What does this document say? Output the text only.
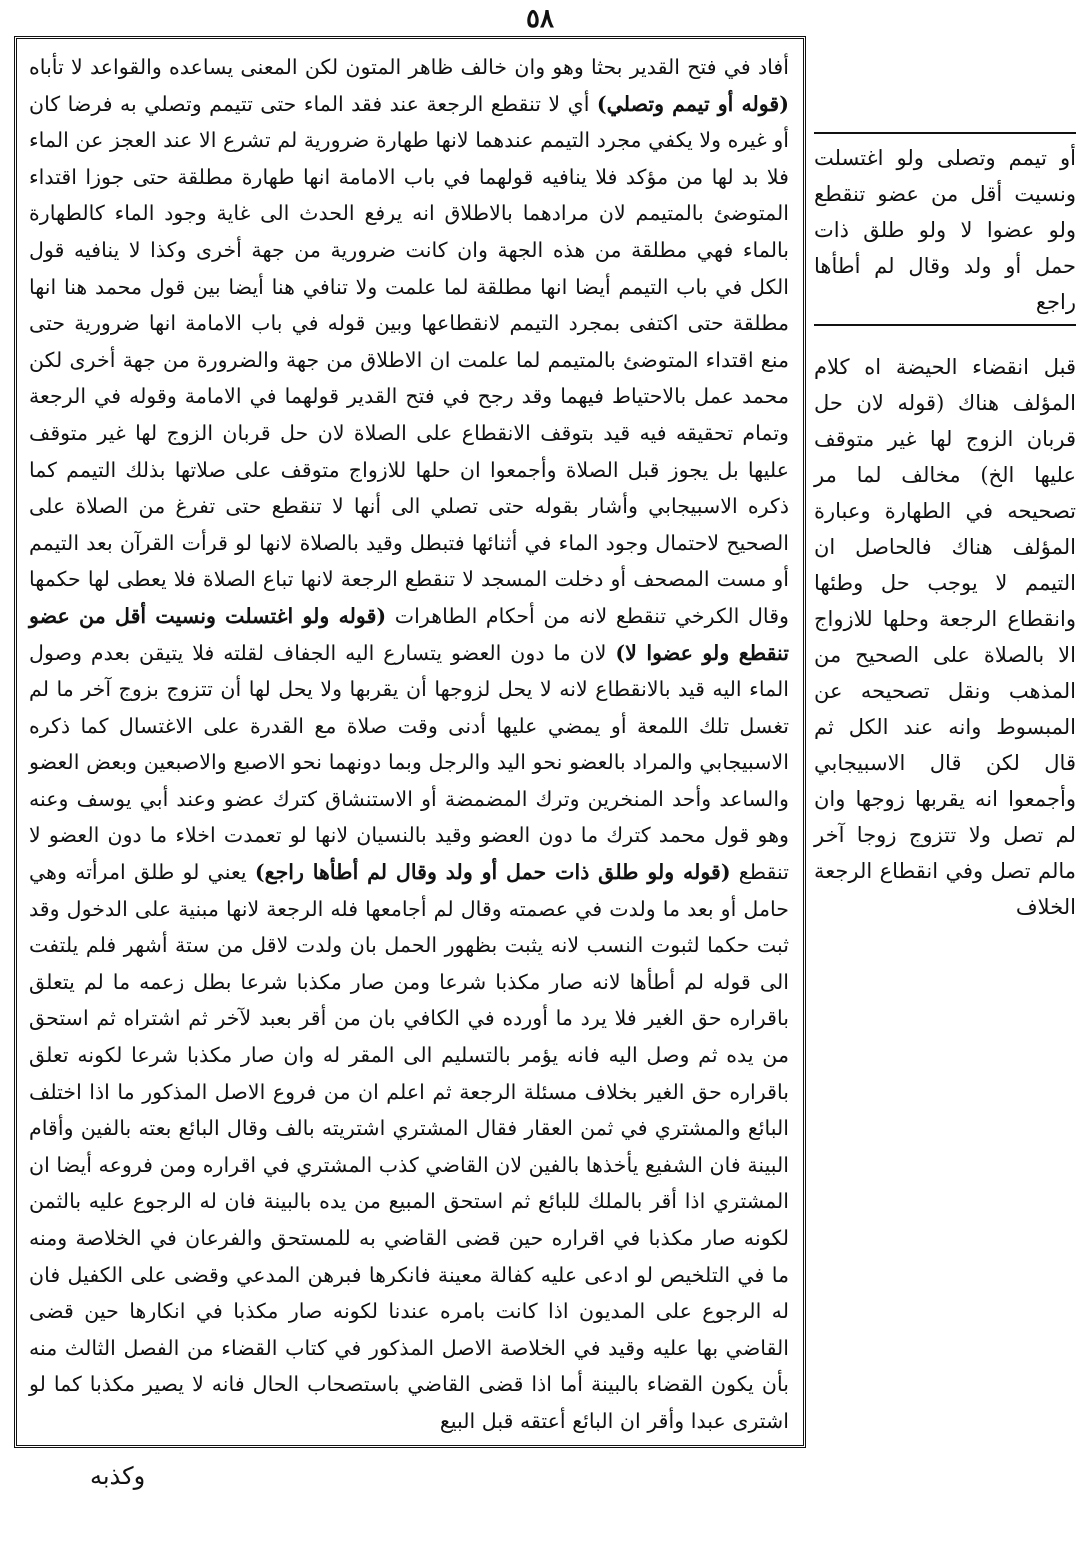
٥٨

أفاد في فتح القدير بحثا وهو وان خالف ظاهر المتون لكن المعنى يساعده والقواعد لا تأباه (قوله أو تيمم وتصلي) أي لا تنقطع الرجعة عند فقد الماء حتى تتيمم وتصلي به فرضا كان أو غيره ولا يكفي مجرد التيمم عندهما لانها طهارة ضرورية لم تشرع الا عند العجز عن الماء فلا بد لها من مؤكد فلا ينافيه قولهما في باب الامامة انها طهارة مطلقة حتى جوزا اقتداء المتوضئ بالمتيمم لان مرادهما بالاطلاق انه يرفع الحدث الى غاية وجود الماء كالطهارة بالماء فهي مطلقة من هذه الجهة وان كانت ضرورية من جهة أخرى وكذا لا ينافيه قول الكل في باب التيمم أيضا انها مطلقة لما علمت ولا تنافي هنا أيضا بين قول محمد هنا انها مطلقة حتى اكتفى بمجرد التيمم لانقطاعها وبين قوله في باب الامامة انها ضرورية حتى منع اقتداء المتوضئ بالمتيمم لما علمت ان الاطلاق من جهة والضرورة من جهة أخرى لكن محمد عمل بالاحتياط فيهما وقد رجح في فتح القدير قولهما في الامامة وقوله في الرجعة وتمام تحقيقه فيه قيد بتوقف الانقطاع على الصلاة لان حل قربان الزوج لها غير متوقف عليها بل يجوز قبل الصلاة وأجمعوا ان حلها للازواج متوقف على صلاتها بذلك التيمم كما ذكره الاسبيجابي وأشار بقوله حتى تصلي الى أنها لا تنقطع حتى تفرغ من الصلاة على الصحيح لاحتمال وجود الماء في أثنائها فتبطل وقيد بالصلاة لانها لو قرأت القرآن بعد التيمم أو مست المصحف أو دخلت المسجد لا تنقطع الرجعة لانها تباع الصلاة فلا يعطى لها حكمها وقال الكرخي تنقطع لانه من أحكام الطاهرات (قوله ولو اغتسلت ونسيت أقل من عضو تنقطع ولو عضوا لا) لان ما دون العضو يتسارع اليه الجفاف لقلته فلا يتيقن بعدم وصول الماء اليه قيد بالانقطاع لانه لا يحل لزوجها أن يقربها ولا يحل لها أن تتزوج بزوج آخر ما لم تغسل تلك اللمعة أو يمضي عليها أدنى وقت صلاة مع القدرة على الاغتسال كما ذكره الاسبيجابي والمراد بالعضو نحو اليد والرجل وبما دونهما نحو الاصبع والاصبعين وبعض العضو والساعد وأحد المنخرين وترك المضمضة أو الاستنشاق كترك عضو وعند أبي يوسف وعنه وهو قول محمد كترك ما دون العضو وقيد بالنسيان لانها لو تعمدت اخلاء ما دون العضو لا تنقطع (قوله ولو طلق ذات حمل أو ولد وقال لم أطأها راجع) يعني لو طلق امرأته وهي حامل أو بعد ما ولدت في عصمته وقال لم أجامعها فله الرجعة لانها مبنية على الدخول وقد ثبت حكما لثبوت النسب لانه يثبت بظهور الحمل بان ولدت لاقل من ستة أشهر فلم يلتفت الى قوله لم أطأها لانه صار مكذبا شرعا ومن صار مكذبا شرعا بطل زعمه ما لم يتعلق باقراره حق الغير فلا يرد ما أورده في الكافي بان من أقر بعبد لآخر ثم اشتراه ثم استحق من يده ثم وصل اليه فانه يؤمر بالتسليم الى المقر له وان صار مكذبا شرعا لكونه تعلق باقراره حق الغير بخلاف مسئلة الرجعة ثم اعلم ان من فروع الاصل المذكور ما اذا اختلف البائع والمشتري في ثمن العقار فقال المشتري اشتريته بالف وقال البائع بعته بالفين وأقام البينة فان الشفيع يأخذها بالفين لان القاضي كذب المشتري في اقراره ومن فروعه أيضا ان المشتري اذا أقر بالملك للبائع ثم استحق المبيع من يده بالبينة فان له الرجوع عليه بالثمن لكونه صار مكذبا في اقراره حين قضى القاضي به للمستحق والفرعان في الخلاصة ومنه ما في التلخيص لو ادعى عليه كفالة معينة فانكرها فبرهن المدعي وقضى على الكفيل فان له الرجوع على المديون اذا كانت بامره عندنا لكونه صار مكذبا في انكارها حين قضى القاضي بها عليه وقيد في الخلاصة الاصل المذكور في كتاب القضاء من الفصل الثالث منه بأن يكون القضاء بالبينة أما اذا قضى القاضي باستصحاب الحال فانه لا يصير مكذبا كما لو اشترى عبدا وأقر ان البائع أعتقه قبل البيع

أو تيمم وتصلى ولو اغتسلت ونسيت أقل من عضو تنقطع ولو عضوا لا ولو طلق ذات حمل أو ولد وقال لم أطأها راجع
قبل انقضاء الحيضة اه كلام المؤلف هناك (قوله لان حل قربان الزوج لها غير متوقف عليها الخ) مخالف لما مر تصحيحه في الطهارة وعبارة المؤلف هناك فالحاصل ان التيمم لا يوجب حل وطئها وانقطاع الرجعة وحلها للازواج الا بالصلاة على الصحيح من المذهب ونقل تصحيحه عن المبسوط وانه عند الكل ثم قال لكن قال الاسبيجابي وأجمعوا انه يقربها زوجها وان لم تصل ولا تتزوج زوجا آخر مالم تصل وفي انقطاع الرجعة الخلاف
وكذبه
